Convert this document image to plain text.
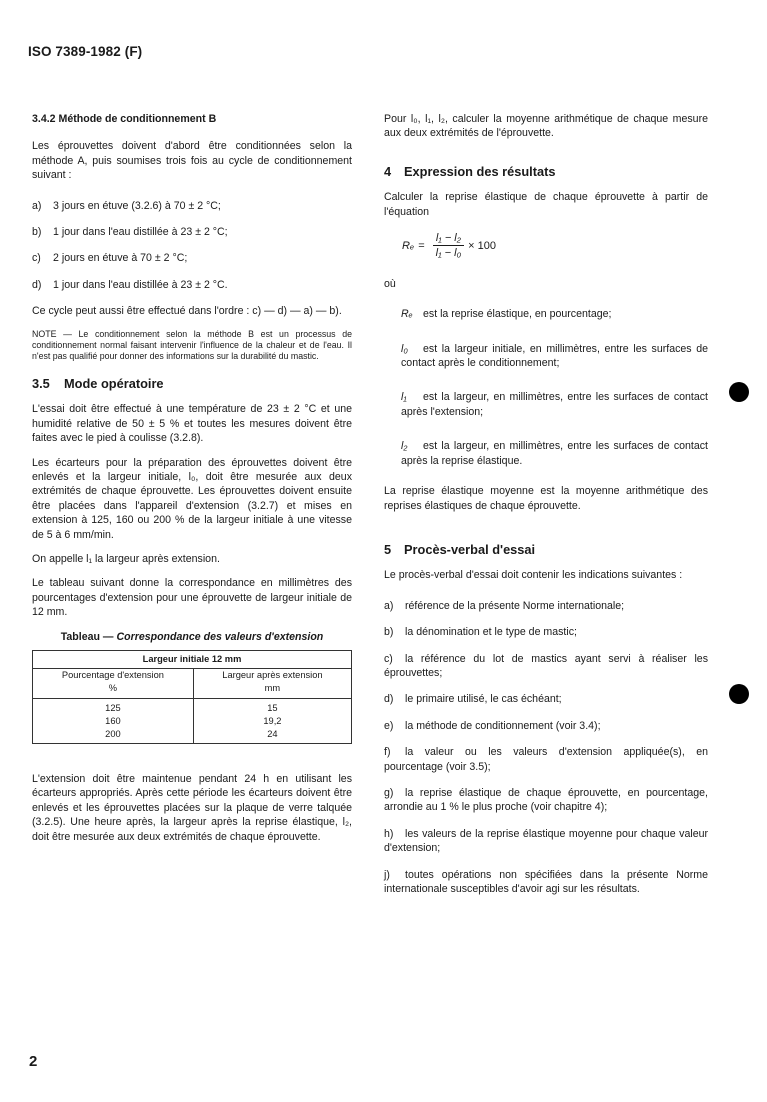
ISO 7389-1982 (F)
3.4.2 Méthode de conditionnement B

Les éprouvettes doivent d'abord être conditionnées selon la méthode A, puis soumises trois fois au cycle de conditionnement suivant :

a)	3 jours en étuve (3.2.6) à 70 ± 2 °C;
b)	1 jour dans l'eau distillée à 23 ± 2 °C;
c)	2 jours en étuve à 70 ± 2 °C;
d)	1 jour dans l'eau distillée à 23 ± 2 °C.

Ce cycle peut aussi être effectué dans l'ordre : c) — d) — a) — b).

NOTE — Le conditionnement selon la méthode B est un processus de conditionnement normal faisant intervenir l'influence de la chaleur et de l'eau. Il n'est pas qualifié pour donner des informations sur la durabilité du mastic.
3.5 Mode opératoire

L'essai doit être effectué à une température de 23 ± 2 °C et une humidité relative de 50 ± 5 % et toutes les mesures doivent être faites avec le pied à coulisse (3.2.8).

Les écarteurs pour la préparation des éprouvettes doivent être enlevés et la largeur initiale, l₀, doit être mesurée aux deux extrémités de chaque éprouvette. Les éprouvettes doivent ensuite être placées dans l'appareil d'extension (3.2.7) et mises en extension à 125, 160 ou 200 % de la largeur initiale à une vitesse de 5 à 6 mm/min.

On appelle l₁ la largeur après extension.

Le tableau suivant donne la correspondance en millimètres des pourcentages d'extension pour une éprouvette de largeur initiale de 12 mm.

Tableau — Correspondance des valeurs d'extension
Largeur initiale 12 mm	
Pourcentage d'extension	Largeur après extension
%	mm
125	15
160	19,2
200	24

L'extension doit être maintenue pendant 24 h en utilisant les écarteurs appropriés. Après cette période les écarteurs doivent être enlevés et les éprouvettes placées sur la plaque de verre talquée (3.2.5). Une heure après, la largeur après la reprise élastique, l₂, doit être mesurée aux deux extrémités de chaque éprouvette.

Pour l₀, l₁, l₂, calculer la moyenne arithmétique de chaque mesure aux deux extrémités de l'éprouvette.

4 Expression des résultats

Calculer la reprise élastique de chaque éprouvette à partir de l'équation

$R_e = \frac{\text{l₁ − l₂}}{\text{l₁ − l₀}} \times 100$

où

Rₑ est la reprise élastique, en pourcentage;
l₀ est la largeur initiale, en millimètres, entre les surfaces de contact après le conditionnement;
l₁ est la largeur, en millimètres, entre les surfaces de contact après l'extension;
l₂ est la largeur, en millimètres, entre les surfaces de contact après la reprise élastique.

La reprise élastique moyenne est la moyenne arithmétique des reprises élastiques de chaque éprouvette.

5 Procès-verbal d'essai

Le procès-verbal d'essai doit contenir les indications suivantes :

a) référence de la présente Norme internationale;
b) la dénomination et le type de mastic;
c) la référence du lot de mastics ayant servi à réaliser les éprouvettes;
d) le primaire utilisé, le cas échéant;
e) la méthode de conditionnement (voir 3.4);
f) la valeur ou les valeurs d'extension appliquée(s), en pourcentage (voir 3.5);
g) la reprise élastique de chaque éprouvette, en pourcentage, arrondie au 1 % le plus proche (voir chapitre 4);
h) les valeurs de la reprise élastique moyenne pour chaque valeur d'extension;
j) toutes opérations non spécifiées dans la présente Norme internationale susceptibles d'avoir agi sur les résultats.
2
